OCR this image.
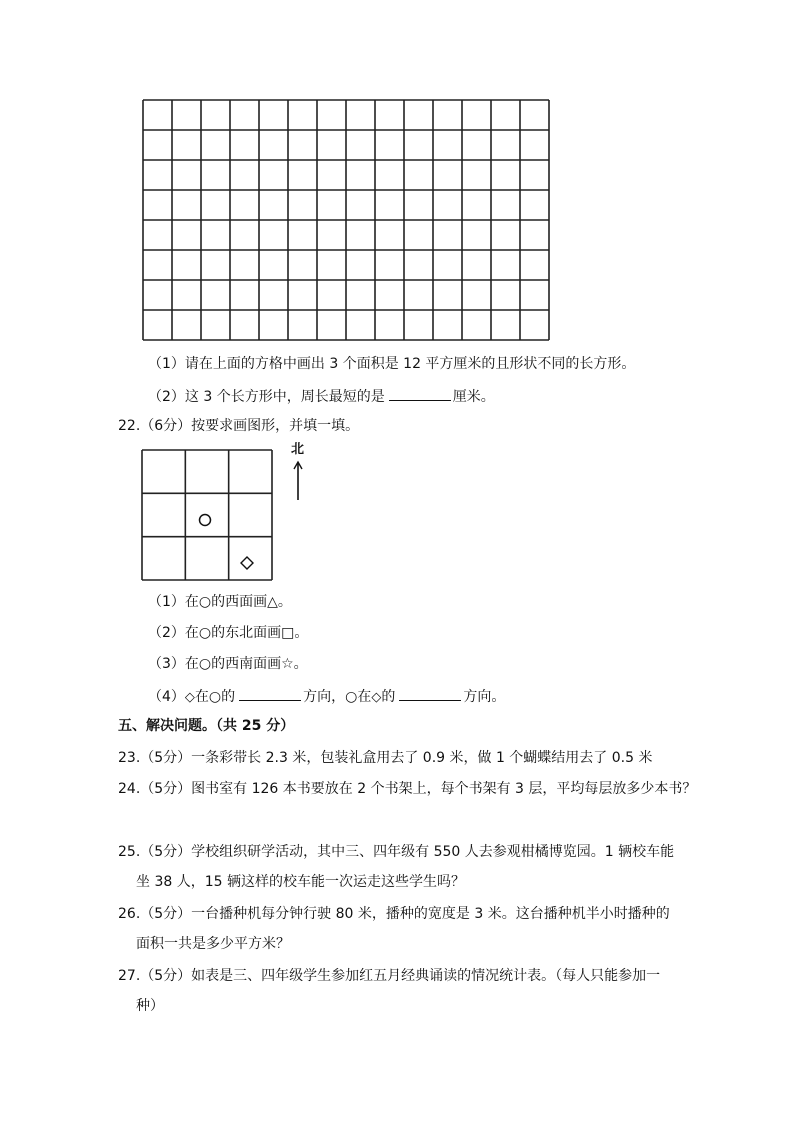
（1）请在上面的方格中画出 3 个面积是 12 平方厘米的且形状不同的长方形。
（2）这 3 个长方形中，周长最短的是	厘米。
22.（6分）按要求画图形，并填一填。
北
（1）在○的西面画△。
（2）在○的东北面画□。
（3）在○的西南面画☆。
（4）◇在○的	方向，○在◇的	方向。
五、解决问题。（共 25 分）
23.（5分）一条彩带长 2.3 米，包装礼盒用去了 0.9 米，做 1 个蝴蝶结用去了 0.5 米
24.（5分）图书室有 126 本书要放在 2 个书架上，每个书架有 3 层，平均每层放多少本书？
25.（5分）学校组织研学活动，其中三、四年级有 550 人去参观柑橘博览园。1 辆校车能
坐 38 人，15 辆这样的校车能一次运走这些学生吗？
26.（5分）一台播种机每分钟行驶 80 米，播种的宽度是 3 米。这台播种机半小时播种的
面积一共是多少平方米？
27.（5分）如表是三、四年级学生参加红五月经典诵读的情况统计表。（每人只能参加一
种）
